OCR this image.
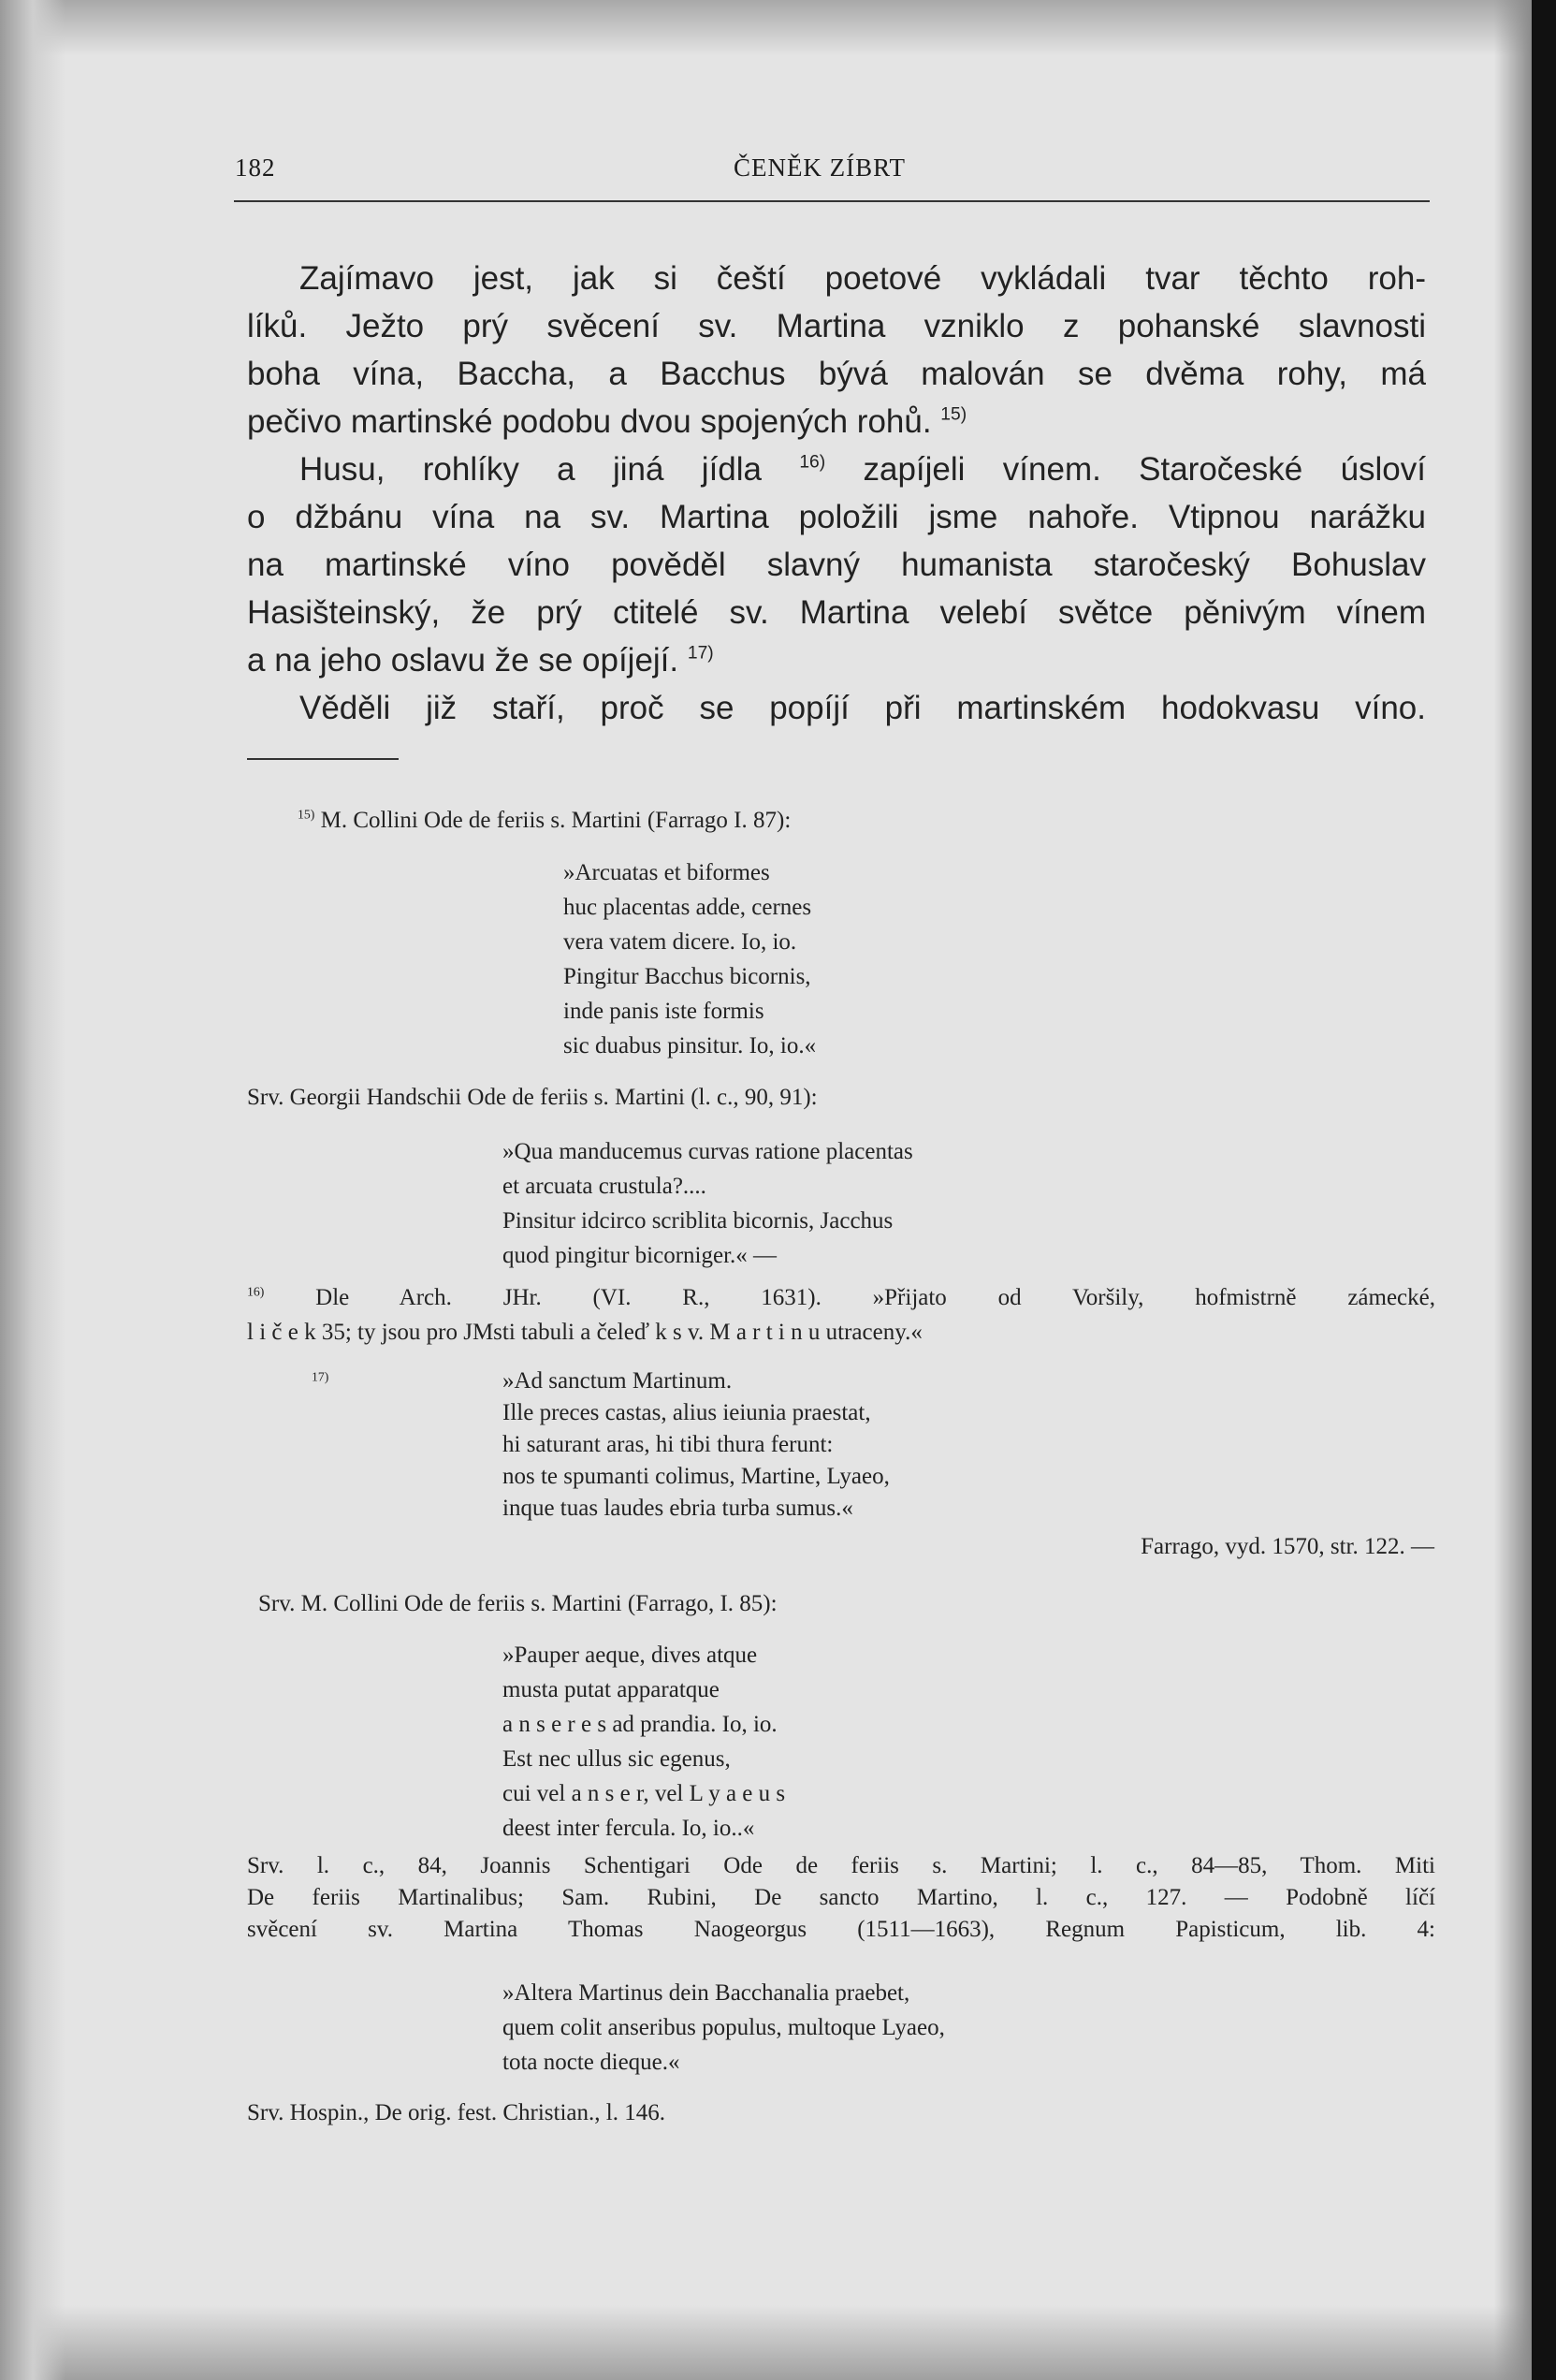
182	ČENĚK ZÍBRT
Zajímavo jest, jak si čeští poetové vykládali tvar těchto roh-
líků. Ježto prý svěcení sv. Martina vzniklo z pohanské slavnosti
boha vína, Baccha, a Bacchus bývá malován se dvěma rohy, má
pečivo martinské podobu dvou spojených rohů. $^{15)}$
Husu, rohlíky a jiná jídla $^{16)}$ zapíjeli vínem. Staročeské úsloví
o džbánu vína na sv. Martina položili jsme nahoře. Vtipnou narážku
na martinské víno pověděl slavný humanista staročeský Bohuslav
Hasišteinský, že prý ctitelé sv. Martina velebí světce pěnivým vínem
a na jeho oslavu že se opíjejí. $^{17)}$
Věděli již staří, proč se popíjí při martinském hodokvasu víno.
$^{15)}$ M. Collini Ode de feriis s. Martini (Farrago I. 87):
»Arcuatas et biformes
huc placentas adde, cernes
vera vatem dicere. Io, io.
Pingitur Bacchus bicornis,
inde panis iste formis
sic duabus pinsitur. Io, io.«
Srv. Georgii Handschii Ode de feriis s. Martini (l. c., 90, 91):
»Qua manducemus curvas ratione placentas
et arcuata crustula?....
Pinsitur idcirco scriblita bicornis, Jacchus
quod pingitur bicorniger.« —
$^{16)}$ Dle Arch. JHr. (VI. R., 1631). »Přijato od Voršily, hofmistrně zámecké,
l i č e k 35; ty jsou pro JMsti tabuli a čeleď k s v. M a r t i n u utraceny.«
$^{17)}$	»Ad sanctum Martinum.
Ille preces castas, alius ieiunia praestat,
hi saturant aras, hi tibi thura ferunt:
nos te spumanti colimus, Martine, Lyaeo,
inque tuas laudes ebria turba sumus.«
Farrago, vyd. 1570, str. 122. —
Srv. M. Collini Ode de feriis s. Martini (Farrago, I. 85):
»Pauper aeque, dives atque
musta putat apparatque
a n s e r e s ad prandia. Io, io.
Est nec ullus sic egenus,
cui vel a n s e r, vel L y a e u s
deest inter fercula. Io, io..«
Srv. l. c., 84, Joannis Schentigari Ode de feriis s. Martini; l. c., 84—85, Thom. Miti
De feriis Martinalibus; Sam. Rubini, De sancto Martino, l. c., 127. — Podobně líčí
svěcení sv. Martina Thomas Naogeorgus (1511—1663), Regnum Papisticum, lib. 4:
»Altera Martinus dein Bacchanalia praebet,
quem colit anseribus populus, multoque Lyaeo,
tota nocte dieque.«
Srv. Hospin., De orig. fest. Christian., l. 146.
